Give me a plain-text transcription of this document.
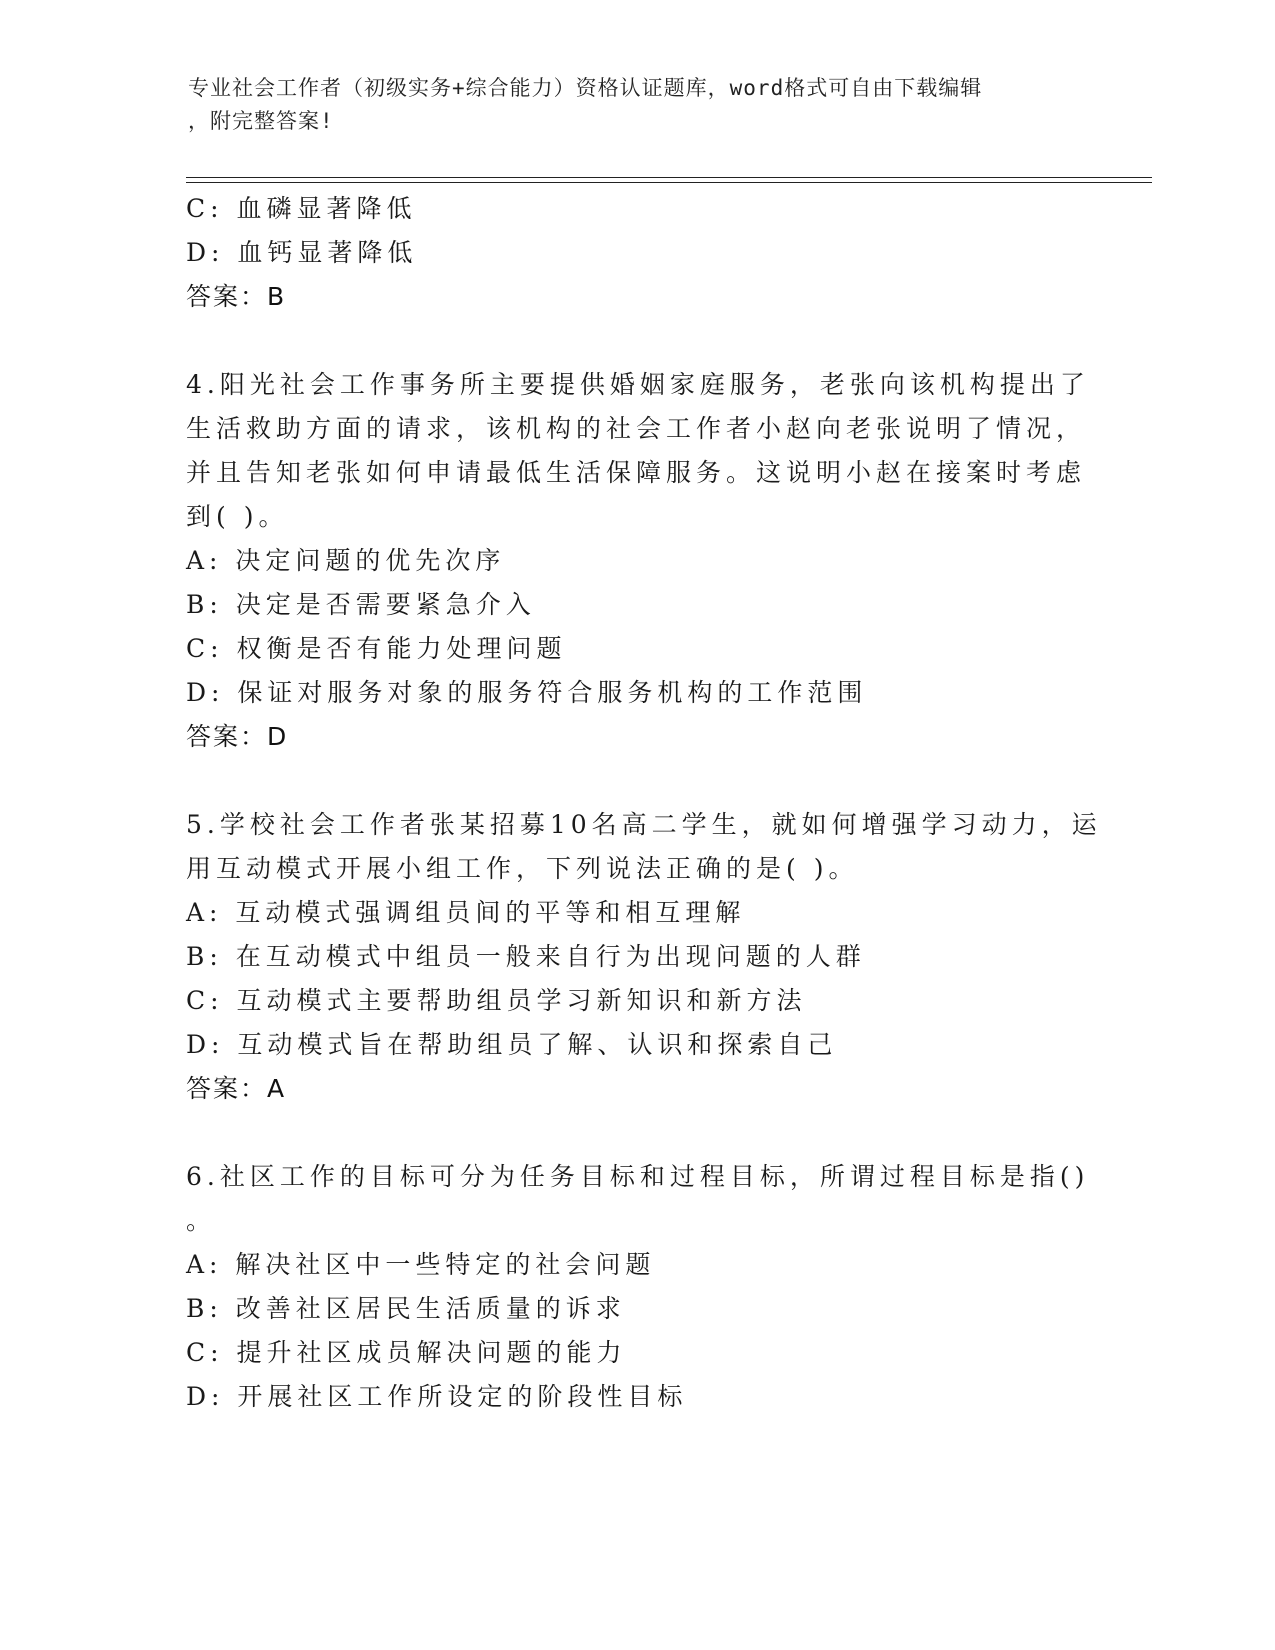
专业社会工作者（初级实务+综合能力）资格认证题库，word格式可自由下载编辑
，附完整答案!
C: 血磷显著降低
D: 血钙显著降低
答案：B
4.阳光社会工作事务所主要提供婚姻家庭服务，老张向该机构提出了
生活救助方面的请求，该机构的社会工作者小赵向老张说明了情况，
并且告知老张如何申请最低生活保障服务。这说明小赵在接案时考虑
到( )。
A: 决定问题的优先次序
B: 决定是否需要紧急介入
C: 权衡是否有能力处理问题
D: 保证对服务对象的服务符合服务机构的工作范围
答案：D
5.学校社会工作者张某招募10名高二学生，就如何增强学习动力，运
用互动模式开展小组工作，下列说法正确的是( )。
A: 互动模式强调组员间的平等和相互理解
B: 在互动模式中组员一般来自行为出现问题的人群
C: 互动模式主要帮助组员学习新知识和新方法
D: 互动模式旨在帮助组员了解、认识和探索自己
答案：A
6.社区工作的目标可分为任务目标和过程目标，所谓过程目标是指()
。
A: 解决社区中一些特定的社会问题
B: 改善社区居民生活质量的诉求
C: 提升社区成员解决问题的能力
D: 开展社区工作所设定的阶段性目标
